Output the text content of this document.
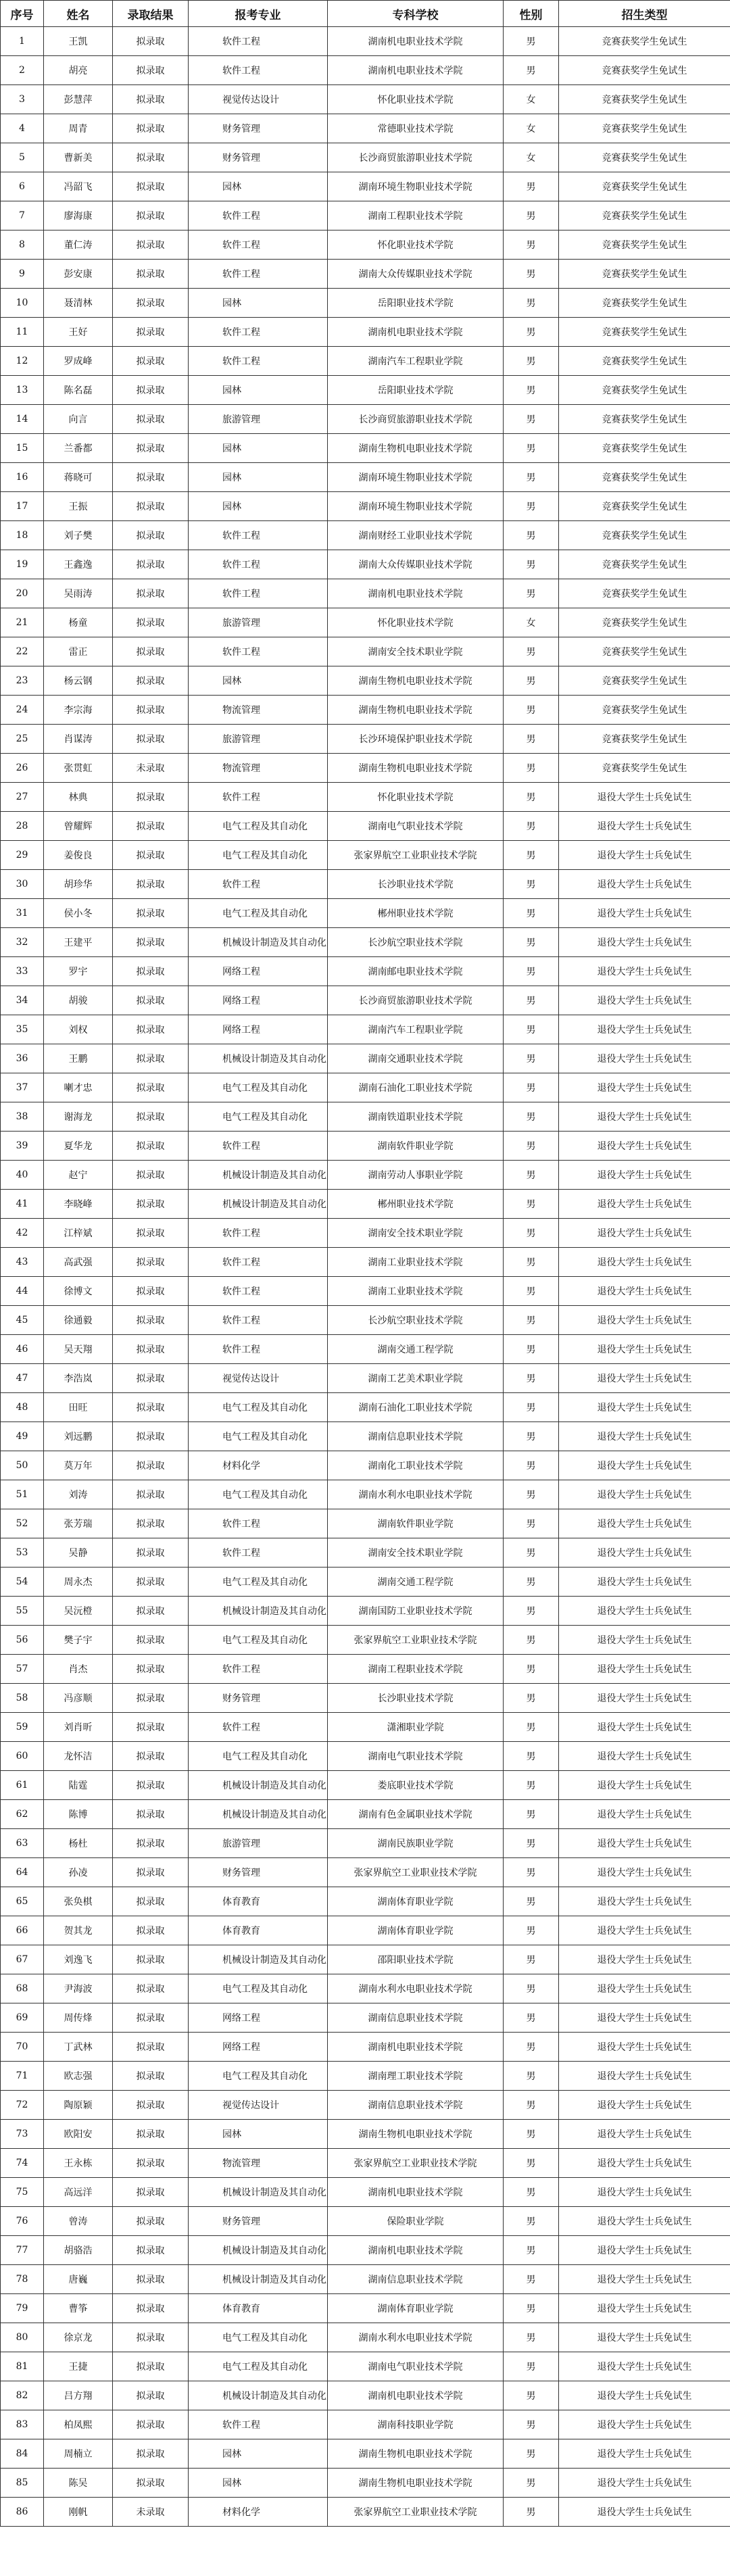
序号	姓名	录取结果	报考专业	专科学校	性别	招生类型
1	王凯	拟录取	软件工程	湖南机电职业技术学院	男	竞赛获奖学生免试生
2	胡亮	拟录取	软件工程	湖南机电职业技术学院	男	竞赛获奖学生免试生
3	彭慧萍	拟录取	视觉传达设计	怀化职业技术学院	女	竞赛获奖学生免试生
4	周青	拟录取	财务管理	常德职业技术学院	女	竞赛获奖学生免试生
5	曹新美	拟录取	财务管理	长沙商贸旅游职业技术学院	女	竞赛获奖学生免试生
6	冯韶飞	拟录取	园林	湖南环境生物职业技术学院	男	竞赛获奖学生免试生
7	廖海康	拟录取	软件工程	湖南工程职业技术学院	男	竞赛获奖学生免试生
8	董仁涛	拟录取	软件工程	怀化职业技术学院	男	竞赛获奖学生免试生
9	彭安康	拟录取	软件工程	湖南大众传媒职业技术学院	男	竞赛获奖学生免试生
10	聂清林	拟录取	园林	岳阳职业技术学院	男	竞赛获奖学生免试生
11	王好	拟录取	软件工程	湖南机电职业技术学院	男	竞赛获奖学生免试生
12	罗成峰	拟录取	软件工程	湖南汽车工程职业学院	男	竞赛获奖学生免试生
13	陈名磊	拟录取	园林	岳阳职业技术学院	男	竞赛获奖学生免试生
14	向言	拟录取	旅游管理	长沙商贸旅游职业技术学院	男	竞赛获奖学生免试生
15	兰番都	拟录取	园林	湖南生物机电职业技术学院	男	竞赛获奖学生免试生
16	蒋晓可	拟录取	园林	湖南环境生物职业技术学院	男	竞赛获奖学生免试生
17	王振	拟录取	园林	湖南环境生物职业技术学院	男	竞赛获奖学生免试生
18	刘子樊	拟录取	软件工程	湖南财经工业职业技术学院	男	竞赛获奖学生免试生
19	王鑫逸	拟录取	软件工程	湖南大众传媒职业技术学院	男	竞赛获奖学生免试生
20	吴雨涛	拟录取	软件工程	湖南机电职业技术学院	男	竞赛获奖学生免试生
21	杨童	拟录取	旅游管理	怀化职业技术学院	女	竞赛获奖学生免试生
22	雷正	拟录取	软件工程	湖南安全技术职业学院	男	竞赛获奖学生免试生
23	杨云钢	拟录取	园林	湖南生物机电职业技术学院	男	竞赛获奖学生免试生
24	李宗海	拟录取	物流管理	湖南生物机电职业技术学院	男	竞赛获奖学生免试生
25	肖谋涛	拟录取	旅游管理	长沙环境保护职业技术学院	男	竞赛获奖学生免试生
26	张贯虹	未录取	物流管理	湖南生物机电职业技术学院	男	竞赛获奖学生免试生
27	林典	拟录取	软件工程	怀化职业技术学院	男	退役大学生士兵免试生
28	曾耀辉	拟录取	电气工程及其自动化	湖南电气职业技术学院	男	退役大学生士兵免试生
29	姜俊良	拟录取	电气工程及其自动化	张家界航空工业职业技术学院	男	退役大学生士兵免试生
30	胡珍华	拟录取	软件工程	长沙职业技术学院	男	退役大学生士兵免试生
31	侯小冬	拟录取	电气工程及其自动化	郴州职业技术学院	男	退役大学生士兵免试生
32	王建平	拟录取	机械设计制造及其自动化	长沙航空职业技术学院	男	退役大学生士兵免试生
33	罗宇	拟录取	网络工程	湖南邮电职业技术学院	男	退役大学生士兵免试生
34	胡骏	拟录取	网络工程	长沙商贸旅游职业技术学院	男	退役大学生士兵免试生
35	刘权	拟录取	网络工程	湖南汽车工程职业学院	男	退役大学生士兵免试生
36	王鹏	拟录取	机械设计制造及其自动化	湖南交通职业技术学院	男	退役大学生士兵免试生
37	喇才忠	拟录取	电气工程及其自动化	湖南石油化工职业技术学院	男	退役大学生士兵免试生
38	谢海龙	拟录取	电气工程及其自动化	湖南铁道职业技术学院	男	退役大学生士兵免试生
39	夏华龙	拟录取	软件工程	湖南软件职业学院	男	退役大学生士兵免试生
40	赵宁	拟录取	机械设计制造及其自动化	湖南劳动人事职业学院	男	退役大学生士兵免试生
41	李晓峰	拟录取	机械设计制造及其自动化	郴州职业技术学院	男	退役大学生士兵免试生
42	江梓斌	拟录取	软件工程	湖南安全技术职业学院	男	退役大学生士兵免试生
43	高武强	拟录取	软件工程	湖南工业职业技术学院	男	退役大学生士兵免试生
44	徐博文	拟录取	软件工程	湖南工业职业技术学院	男	退役大学生士兵免试生
45	徐通毅	拟录取	软件工程	长沙航空职业技术学院	男	退役大学生士兵免试生
46	吴天翔	拟录取	软件工程	湖南交通工程学院	男	退役大学生士兵免试生
47	李浩岚	拟录取	视觉传达设计	湖南工艺美术职业学院	男	退役大学生士兵免试生
48	田旺	拟录取	电气工程及其自动化	湖南石油化工职业技术学院	男	退役大学生士兵免试生
49	刘远鹏	拟录取	电气工程及其自动化	湖南信息职业技术学院	男	退役大学生士兵免试生
50	莫万年	拟录取	材料化学	湖南化工职业技术学院	男	退役大学生士兵免试生
51	刘涛	拟录取	电气工程及其自动化	湖南水利水电职业技术学院	男	退役大学生士兵免试生
52	张芳瑞	拟录取	软件工程	湖南软件职业学院	男	退役大学生士兵免试生
53	吴静	拟录取	软件工程	湖南安全技术职业学院	男	退役大学生士兵免试生
54	周永杰	拟录取	电气工程及其自动化	湖南交通工程学院	男	退役大学生士兵免试生
55	吴沅橙	拟录取	机械设计制造及其自动化	湖南国防工业职业技术学院	男	退役大学生士兵免试生
56	樊子宇	拟录取	电气工程及其自动化	张家界航空工业职业技术学院	男	退役大学生士兵免试生
57	肖杰	拟录取	软件工程	湖南工程职业技术学院	男	退役大学生士兵免试生
58	冯彦顺	拟录取	财务管理	长沙职业技术学院	男	退役大学生士兵免试生
59	刘肖昕	拟录取	软件工程	潇湘职业学院	男	退役大学生士兵免试生
60	龙怀洁	拟录取	电气工程及其自动化	湖南电气职业技术学院	男	退役大学生士兵免试生
61	陆霆	拟录取	机械设计制造及其自动化	娄底职业技术学院	男	退役大学生士兵免试生
62	陈博	拟录取	机械设计制造及其自动化	湖南有色金属职业技术学院	男	退役大学生士兵免试生
63	杨杜	拟录取	旅游管理	湖南民族职业学院	男	退役大学生士兵免试生
64	孙凌	拟录取	财务管理	张家界航空工业职业技术学院	男	退役大学生士兵免试生
65	张奂棋	拟录取	体育教育	湖南体育职业学院	男	退役大学生士兵免试生
66	贺其龙	拟录取	体育教育	湖南体育职业学院	男	退役大学生士兵免试生
67	刘逸飞	拟录取	机械设计制造及其自动化	邵阳职业技术学院	男	退役大学生士兵免试生
68	尹海波	拟录取	电气工程及其自动化	湖南水利水电职业技术学院	男	退役大学生士兵免试生
69	周传烽	拟录取	网络工程	湖南信息职业技术学院	男	退役大学生士兵免试生
70	丁武林	拟录取	网络工程	湖南机电职业技术学院	男	退役大学生士兵免试生
71	欧志强	拟录取	电气工程及其自动化	湖南理工职业技术学院	男	退役大学生士兵免试生
72	陶原颖	拟录取	视觉传达设计	湖南信息职业技术学院	男	退役大学生士兵免试生
73	欧阳安	拟录取	园林	湖南生物机电职业技术学院	男	退役大学生士兵免试生
74	王永栋	拟录取	物流管理	张家界航空工业职业技术学院	男	退役大学生士兵免试生
75	高远洋	拟录取	机械设计制造及其自动化	湖南机电职业技术学院	男	退役大学生士兵免试生
76	曾涛	拟录取	财务管理	保险职业学院	男	退役大学生士兵免试生
77	胡骆浩	拟录取	机械设计制造及其自动化	湖南机电职业技术学院	男	退役大学生士兵免试生
78	唐巍	拟录取	机械设计制造及其自动化	湖南信息职业技术学院	男	退役大学生士兵免试生
79	曹筝	拟录取	体育教育	湖南体育职业学院	男	退役大学生士兵免试生
80	徐京龙	拟录取	电气工程及其自动化	湖南水利水电职业技术学院	男	退役大学生士兵免试生
81	王捷	拟录取	电气工程及其自动化	湖南电气职业技术学院	男	退役大学生士兵免试生
82	吕方翔	拟录取	机械设计制造及其自动化	湖南机电职业技术学院	男	退役大学生士兵免试生
83	柏凤熙	拟录取	软件工程	湖南科技职业学院	男	退役大学生士兵免试生
84	周楠立	拟录取	园林	湖南生物机电职业技术学院	男	退役大学生士兵免试生
85	陈吴	拟录取	园林	湖南生物机电职业技术学院	男	退役大学生士兵免试生
86	刚帆	未录取	材料化学	张家界航空工业职业技术学院	男	退役大学生士兵免试生
